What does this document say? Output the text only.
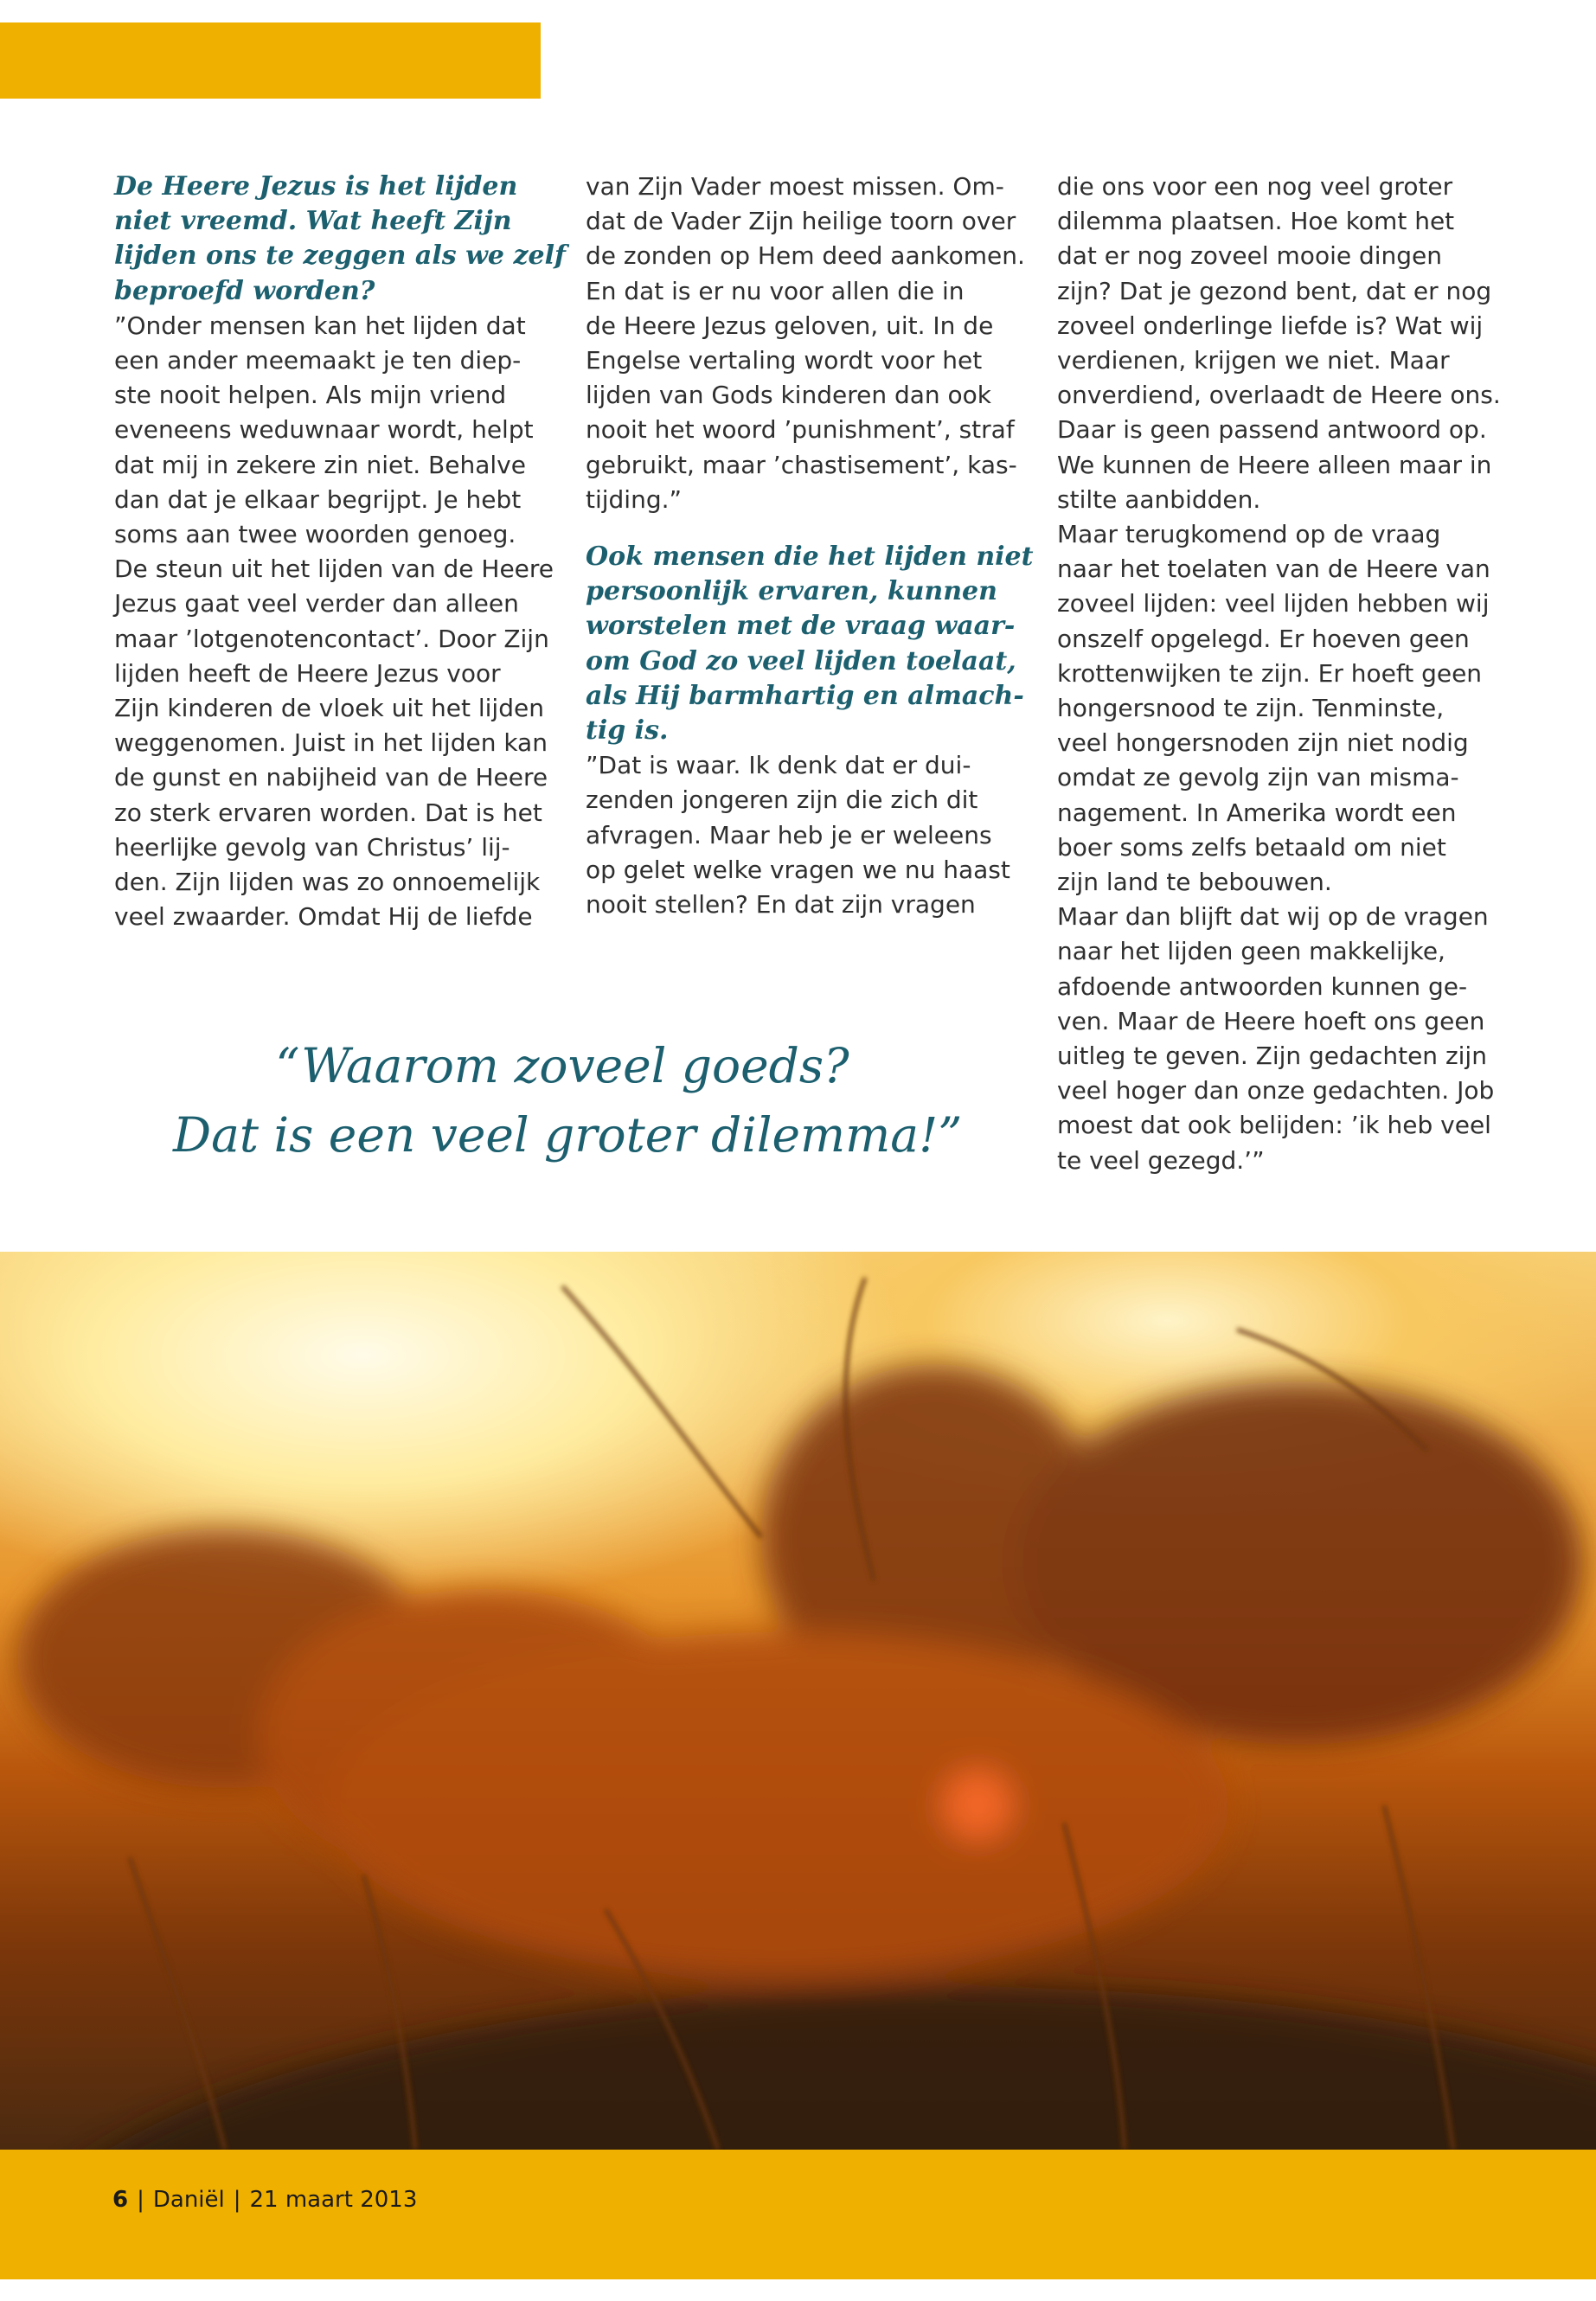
De Heere Jezus is het lijden
niet vreemd. Wat heeft Zijn
lijden ons te zeggen als we zelf
beproefd worden?
”Onder mensen kan het lijden dat
een ander meemaakt je ten diep-
ste nooit helpen. Als mijn vriend
eveneens weduwnaar wordt, helpt
dat mij in zekere zin niet. Behalve
dan dat je elkaar begrijpt. Je hebt
soms aan twee woorden genoeg.
De steun uit het lijden van de Heere
Jezus gaat veel verder dan alleen
maar ’lotgenotencontact’. Door Zijn
lijden heeft de Heere Jezus voor
Zijn kinderen de vloek uit het lijden
weggenomen. Juist in het lijden kan
de gunst en nabijheid van de Heere
zo sterk ervaren worden. Dat is het
heerlijke gevolg van Christus’ lij-
den. Zijn lijden was zo onnoemelijk
veel zwaarder. Omdat Hij de liefde
van Zijn Vader moest missen. Om-
dat de Vader Zijn heilige toorn over
de zonden op Hem deed aankomen.
En dat is er nu voor allen die in
de Heere Jezus geloven, uit. In de
Engelse vertaling wordt voor het
lijden van Gods kinderen dan ook
nooit het woord ’punishment’, straf
gebruikt, maar ’chastisement’, kas-
tijding.”
Ook mensen die het lijden niet
persoonlijk ervaren, kunnen
worstelen met de vraag waar-
om God zo veel lijden toelaat,
als Hij barmhartig en almach-
tig is.
”Dat is waar. Ik denk dat er dui-
zenden jongeren zijn die zich dit
afvragen. Maar heb je er weleens
op gelet welke vragen we nu haast
nooit stellen? En dat zijn vragen
die ons voor een nog veel groter
dilemma plaatsen. Hoe komt het
dat er nog zoveel mooie dingen
zijn? Dat je gezond bent, dat er nog
zoveel onderlinge liefde is? Wat wij
verdienen, krijgen we niet. Maar
onverdiend, overlaadt de Heere ons.
Daar is geen passend antwoord op.
We kunnen de Heere alleen maar in
stilte aanbidden.
Maar terugkomend op de vraag
naar het toelaten van de Heere van
zoveel lijden: veel lijden hebben wij
onszelf opgelegd. Er hoeven geen
krottenwijken te zijn. Er hoeft geen
hongersnood te zijn. Tenminste,
veel hongersnoden zijn niet nodig
omdat ze gevolg zijn van misma-
nagement. In Amerika wordt een
boer soms zelfs betaald om niet
zijn land te bebouwen.
Maar dan blijft dat wij op de vragen
naar het lijden geen makkelijke,
afdoende antwoorden kunnen ge-
ven. Maar de Heere hoeft ons geen
uitleg te geven. Zijn gedachten zijn
veel hoger dan onze gedachten. Job
moest dat ook belijden: ’ik heb veel
te veel gezegd.’”
“Waarom zoveel goeds?
Dat is een veel groter dilemma!”
6 | Daniël | 21 maart 2013
